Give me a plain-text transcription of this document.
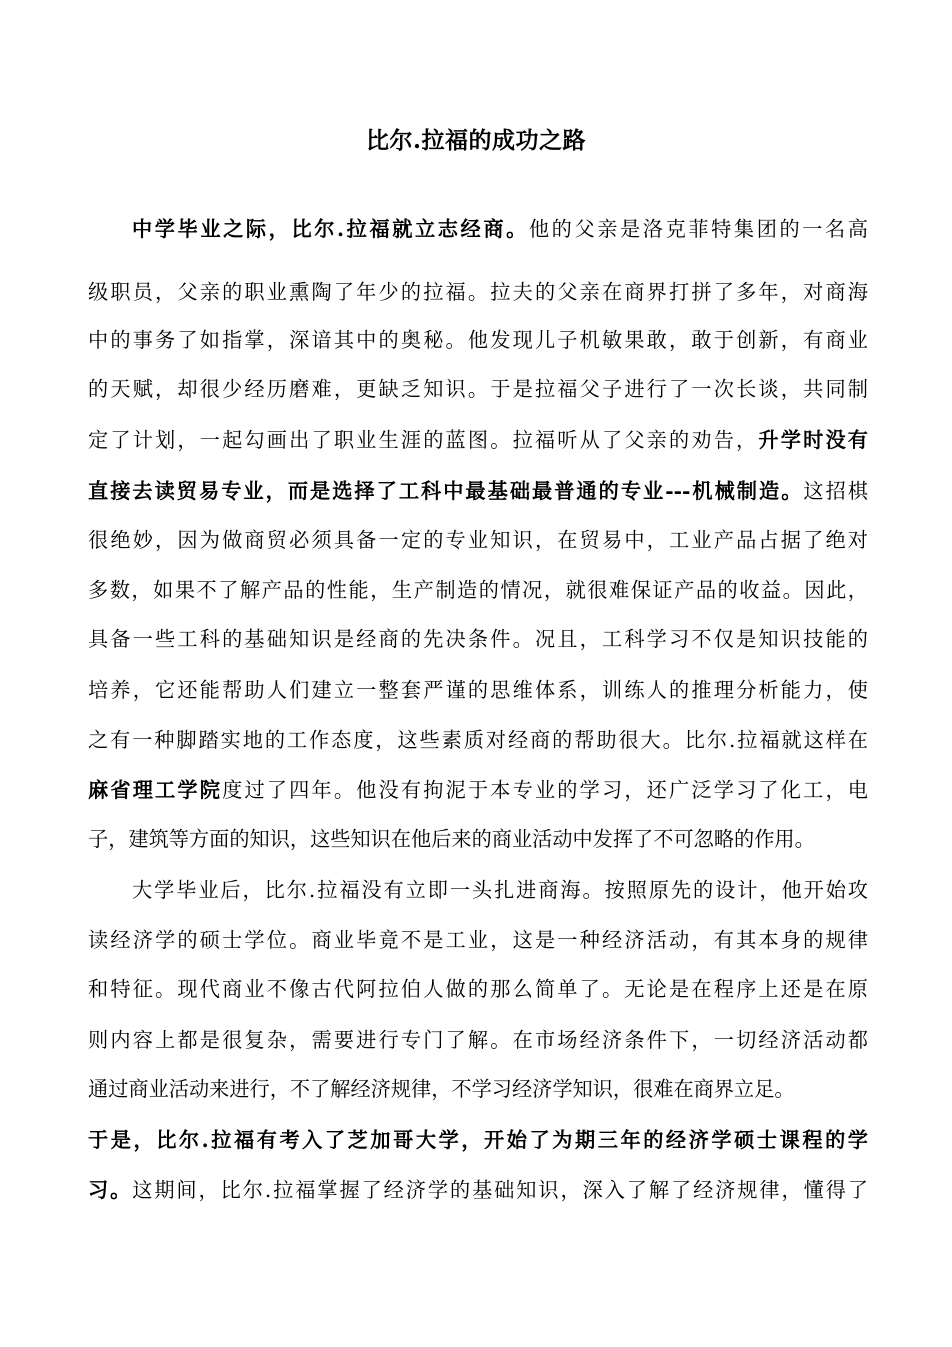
比尔.拉福的成功之路
中学毕业之际，比尔.拉福就立志经商。他的父亲是洛克菲特集团的一名高
级职员，父亲的职业熏陶了年少的拉福。拉夫的父亲在商界打拼了多年，对商海
中的事务了如指掌，深谙其中的奥秘。他发现儿子机敏果敢，敢于创新，有商业
的天赋，却很少经历磨难，更缺乏知识。于是拉福父子进行了一次长谈，共同制
定了计划，一起勾画出了职业生涯的蓝图。拉福听从了父亲的劝告，升学时没有
直接去读贸易专业，而是选择了工科中最基础最普通的专业---机械制造。这招棋
很绝妙，因为做商贸必须具备一定的专业知识，在贸易中，工业产品占据了绝对
多数，如果不了解产品的性能，生产制造的情况，就很难保证产品的收益。因此，
具备一些工科的基础知识是经商的先决条件。况且，工科学习不仅是知识技能的
培养，它还能帮助人们建立一整套严谨的思维体系，训练人的推理分析能力，使
之有一种脚踏实地的工作态度，这些素质对经商的帮助很大。比尔.拉福就这样在
麻省理工学院度过了四年。他没有拘泥于本专业的学习，还广泛学习了化工，电
子，建筑等方面的知识，这些知识在他后来的商业活动中发挥了不可忽略的作用。
大学毕业后，比尔.拉福没有立即一头扎进商海。按照原先的设计，他开始攻
读经济学的硕士学位。商业毕竟不是工业，这是一种经济活动，有其本身的规律
和特征。现代商业不像古代阿拉伯人做的那么简单了。无论是在程序上还是在原
则内容上都是很复杂，需要进行专门了解。在市场经济条件下，一切经济活动都
通过商业活动来进行，不了解经济规律，不学习经济学知识，很难在商界立足。
于是，比尔.拉福有考入了芝加哥大学，开始了为期三年的经济学硕士课程的学
习。这期间，比尔.拉福掌握了经济学的基础知识，深入了解了经济规律，懂得了
